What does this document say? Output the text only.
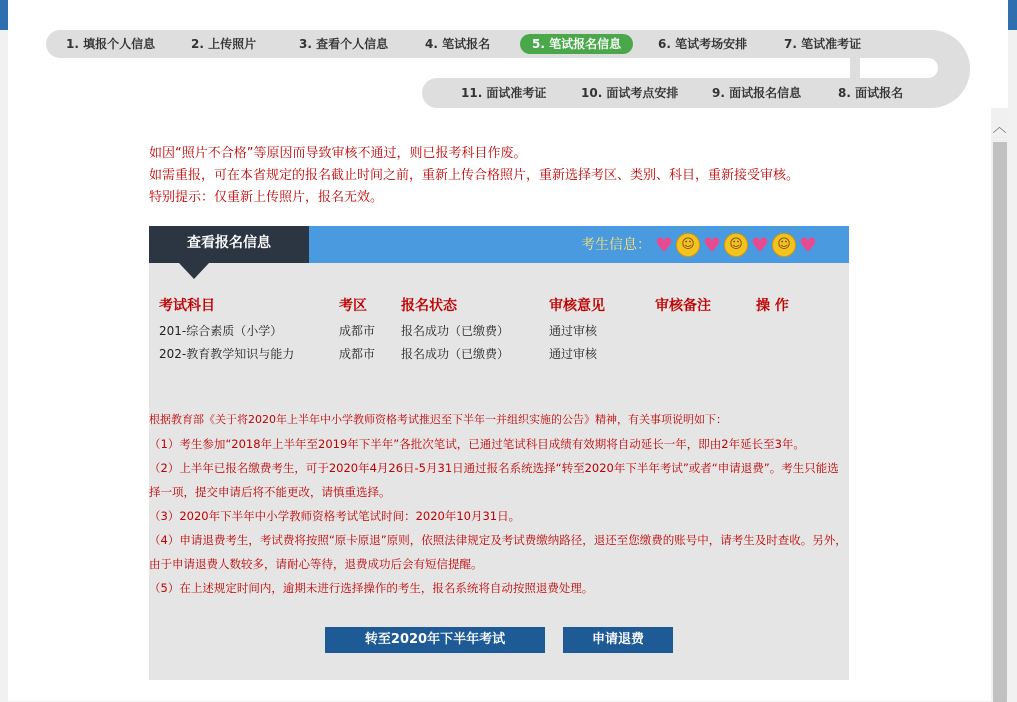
1. 填报个人信息	2. 上传照片	3. 查看个人信息	4. 笔试报名	5. 笔试报名信息	6. 笔试考场安排	7. 笔试准考证
11. 面试准考证	10. 面试考点安排	9. 面试报名信息	8. 面试报名
︿
如因“照片不合格”等原因而导致审核不通过，则已报考科目作废。
如需重报，可在本省规定的报名截止时间之前，重新上传合格照片，重新选择考区、类别、科目，重新接受审核。
特别提示：仅重新上传照片，报名无效。
查看报名信息	考生信息： ♥ ☺ ♥ ☺ ♥ ☺ ♥
考试科目	考区 报名状态	审核意见	审核备注	操 作
201-综合素质（小学）	成都市 报名成功（已缴费）	通过审核
202-教育教学知识与能力	成都市 报名成功（已缴费）	通过审核
根据教育部《关于将2020年上半年中小学教师资格考试推迟至下半年一并组织实施的公告》精神，有关事项说明如下：
（1）考生参加“2018年上半年至2019年下半年”各批次笔试，已通过笔试科目成绩有效期将自动延长一年，即由2年延长至3年。
（2）上半年已报名缴费考生，可于2020年4月26日-5月31日通过报名系统选择“转至2020年下半年考试”或者“申请退费”。考生只能选择一项，提交申请后将不能更改，请慎重选择。
（3）2020年下半年中小学教师资格考试笔试时间：2020年10月31日。
（4）申请退费考生，考试费将按照“原卡原退”原则，依照法律规定及考试费缴纳路径，退还至您缴费的账号中，请考生及时查收。另外，由于申请退费人数较多，请耐心等待，退费成功后会有短信提醒。
（5）在上述规定时间内，逾期未进行选择操作的考生，报名系统将自动按照退费处理。
转至2020年下半年考试	申请退费
